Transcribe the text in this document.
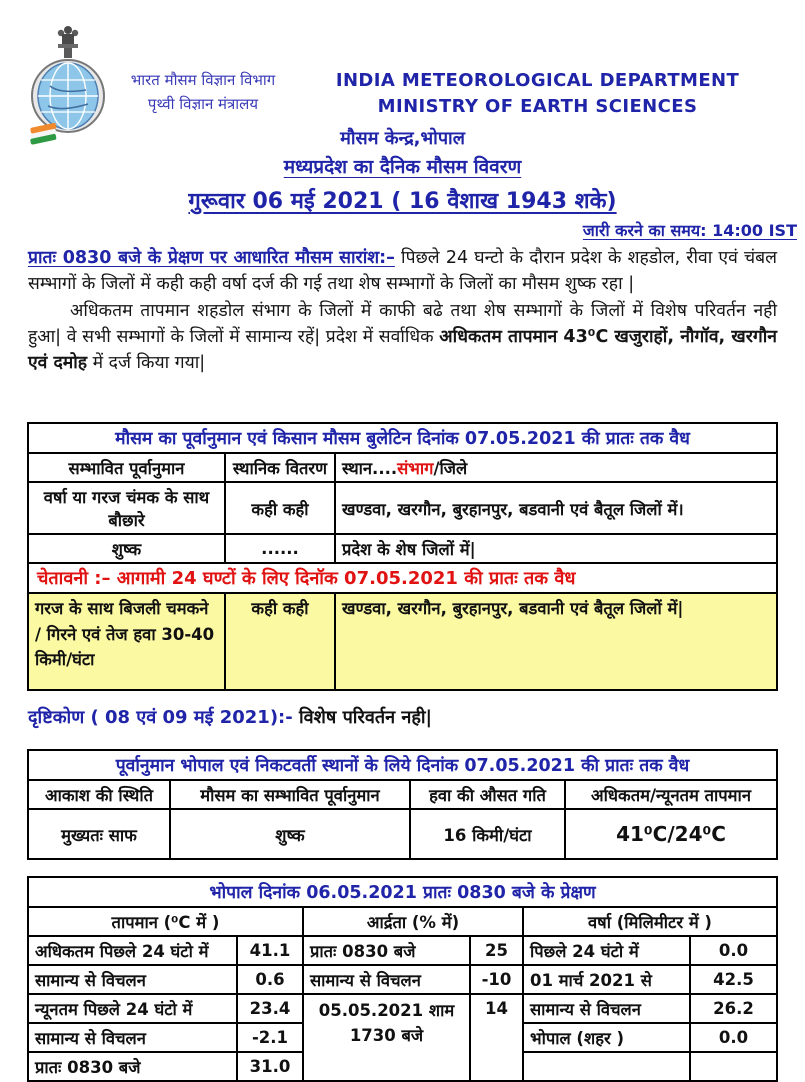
भारत मौसम विज्ञान विभाग
पृथ्वी विज्ञान मंत्रालय
INDIA METEOROLOGICAL DEPARTMENT
MINISTRY OF EARTH SCIENCES
मौसम केन्द्र,भोपाल
मध्यप्रदेश का दैनिक मौसम विवरण
गुरूवार 06 मई 2021 ( 16 वैशाख 1943 शके)
जारी करने का समय: 14:00 IST

प्रातः 0830 बजे के प्रेक्षण पर आधारित मौसम सारांश:– पिछले 24 घन्टो के दौरान प्रदेश के शहडोल, रीवा एवं चंबल सम्भागों के जिलों में कही कही वर्षा दर्ज की गई तथा शेष सम्भागों के जिलों का मौसम शुष्क रहा |

अधिकतम तापमान शहडोल संभाग के जिलों में काफी बढे तथा शेष सम्भागों के जिलों में विशेष परिवर्तन नही हुआ| वे सभी सम्भागों के जिलों में सामान्य रहें| प्रदेश में सर्वाधिक अधिकतम तापमान 43⁰C खजुराहों, नौगॉव, खरगौन एवं दमोह में दर्ज किया गया|

मौसम का पूर्वानुमान एवं किसान मौसम बुलेटिन दिनांक 07.05.2021 की प्रातः तक वैध		
सम्भावित पूर्वानुमान	स्थानिक वितरण	स्थान....संभाग/जिले
वर्षा या गरज चंमक के साथ बौछारे	कही कही	खण्डवा, खरगौन, बुरहानपुर, बडवानी एवं बैतूल जिलों में।
शुष्क	......	प्रदेश के शेष जिलों में|
चेतावनी :– आगामी 24 घण्टों के लिए दिनॉक 07.05.2021 की प्रातः तक वैध		
गरज के साथ बिजली चमकने / गिरने एवं तेज हवा 30-40 किमी/घंटा	कही कही	खण्डवा, खरगौन, बुरहानपुर, बडवानी एवं बैतूल जिलों में|
दृष्टिकोण ( 08 एवं 09 मई 2021):- विशेष परिवर्तन नही|
पूर्वानुमान भोपाल एवं निकटवर्ती स्थानों के लिये दिनांक 07.05.2021 की प्रातः तक वैध			
आकाश की स्थिति	मौसम का सम्भावित पूर्वानुमान	हवा की औसत गति	अधिकतम/न्यूनतम तापमान
मुख्यतः साफ	शुष्क	16 किमी/घंटा	41⁰C/24⁰C
भोपाल दिनांक 06.05.2021 प्रातः 0830 बजे के प्रेक्षण					
तापमान (⁰C में )		आर्द्रता (% में)		वर्षा (मिलिमीटर में )	
अधिकतम पिछले 24 घंटो में	41.1	प्रातः 0830 बजे	25	पिछले 24 घंटो में	0.0
सामान्य से विचलन	0.6	सामान्य से विचलन	-10	01 मार्च 2021 से	42.5
न्यूनतम पिछले 24 घंटो में	23.4	05.05.2021 शाम 1730 बजे	14	सामान्य से विचलन	26.2
सामान्य से विचलन	-2.1			भोपाल (शहर )	0.0
प्रातः 0830 बजे	31.0				
